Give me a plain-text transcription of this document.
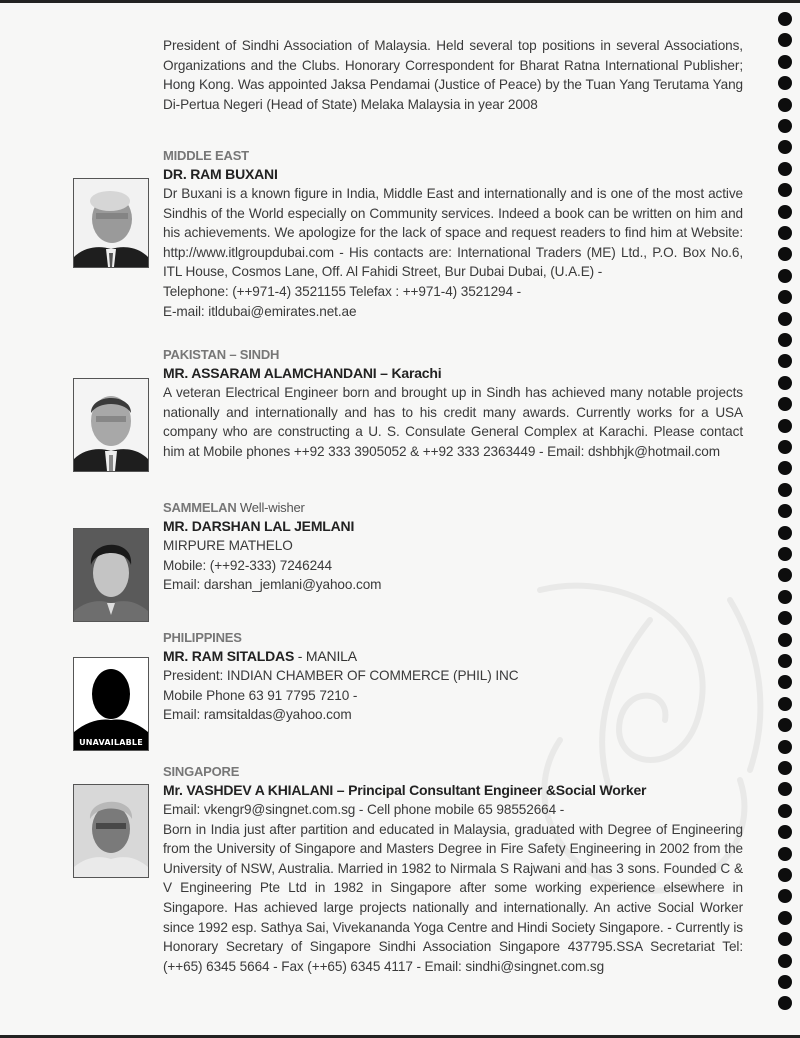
President of Sindhi Association of Malaysia. Held several top positions in several Associations, Organizations and the Clubs. Honorary Correspondent for Bharat Ratna International Publisher; Hong Kong. Was appointed Jaksa Pendamai (Justice of Peace) by the Tuan Yang Terutama Yang Di-Pertua Negeri (Head of State) Melaka Malaysia in year 2008

MIDDLE EAST
DR. RAM BUXANI

Dr Buxani is a known figure in India, Middle East and internationally and is one of the most active Sindhis of the World especially on Community services. Indeed a book can be written on him and his achievements. We apologize for the lack of space and request readers to find him at Website: http://www.itlgroupdubai.com - His contacts are: International Traders (ME) Ltd., P.O. Box No.6, ITL House, Cosmos Lane, Off. Al Fahidi Street, Bur Dubai Dubai, (U.A.E) -

Telephone: (++971-4) 3521155 Telefax : ++971-4) 3521294 -
E-mail: itldubai@emirates.net.ae
PAKISTAN – SINDH
MR. ASSARAM ALAMCHANDANI – Karachi

A veteran Electrical Engineer born and brought up in Sindh has achieved many notable projects nationally and internationally and has to his credit many awards. Currently works for a USA company who are constructing a U. S. Consulate General Complex at Karachi. Please contact him at Mobile phones ++92 333 3905052 & ++92 333 2363449 - Email: dshbhjk@hotmail.com

SAMMELAN Well-wisher
MR. DARSHAN LAL JEMLANI
MIRPURE MATHELO
Mobile: (++92-333) 7246244
Email: darshan_jemlani@yahoo.com
UNAVAILABLE
PHILIPPINES
MR. RAM SITALDAS - MANILA
President: INDIAN CHAMBER OF COMMERCE (PHIL) INC
Mobile Phone 63 91 7795 7210 -
Email: ramsitaldas@yahoo.com
SINGAPORE
Mr. VASHDEV A KHIALANI – Principal Consultant Engineer &Social Worker
Email: vkengr9@singnet.com.sg - Cell phone mobile 65 98552664 -

Born in India just after partition and educated in Malaysia, graduated with Degree of Engineering from the University of Singapore and Masters Degree in Fire Safety Engineering in 2002 from the University of NSW, Australia. Married in 1982 to Nirmala S Rajwani and has 3 sons. Founded C & V Engineering Pte Ltd in 1982 in Singapore after some working experience elsewhere in Singapore. Has achieved large projects nationally and internationally. An active Social Worker since 1992 esp. Sathya Sai, Vivekananda Yoga Centre and Hindi Society Singapore. - Currently is Honorary Secretary of Singapore Sindhi Association Singapore 437795.SSA Secretariat Tel: (++65) 6345 5664 - Fax (++65) 6345 4117 - Email: sindhi@singnet.com.sg
